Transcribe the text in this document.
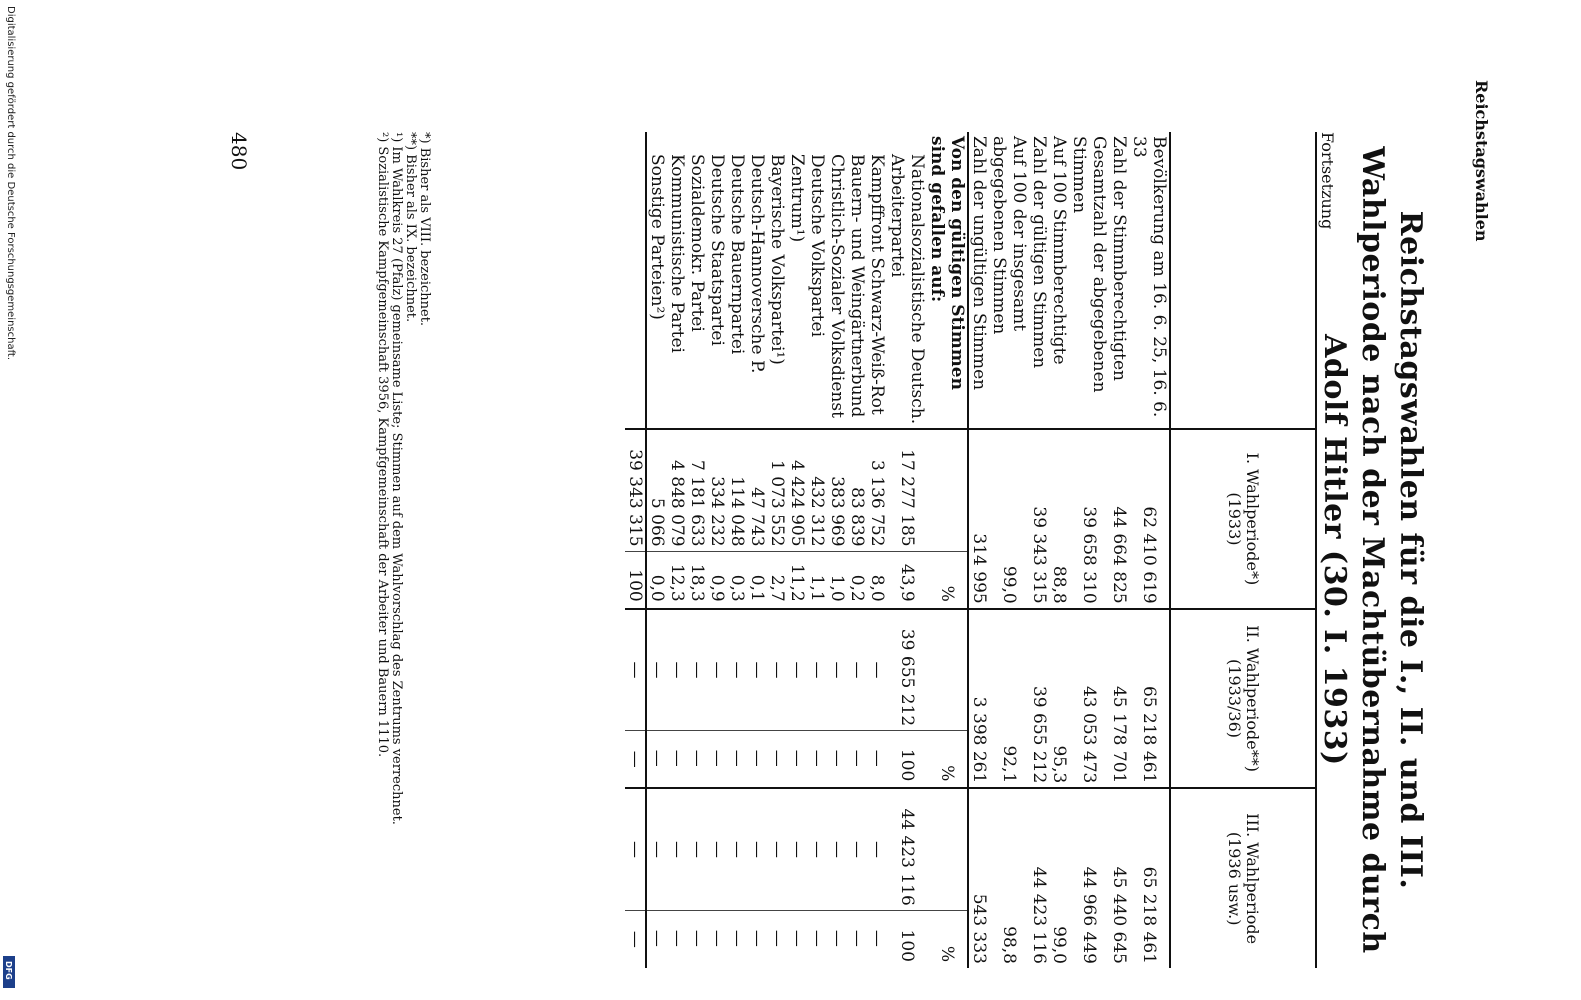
Reichstagswahlen
Reichstagswahlen für die I., II. und III. Wahlperiode nach der Machtübernahme durch Adolf Hitler (30. I. 1933)
Fortsetzung
	I. Wahlperiode*) (1933)		II. Wahlperiode**) (1933/36)		III. Wahlperiode (1936 usw.)	
Bevölkerung am 16. 6. 25, 16. 6. 33	62 410 619		65 218 461		65 218 461	
Zahl der Stimmberechtigten	44 664 825		45 178 701		45 440 645	
Gesamtzahl der abgegebenen Stimmen	39 658 310		43 053 473		44 966 449	
Auf 100 Stimmberechtigte	88,8		95,3		99,0	
Zahl der gültigen Stimmen	39 343 315		39 655 212		44 423 116	
Auf 100 der insgesamt abgegebenen Stimmen	99,0		92,1		98,8	
Zahl der ungültigen Stimmen	314 995		3 398 261		543 333	
Von den gültigen Stimmen sind gefallen auf:		%		%		%
Nationalsozialistische Deutsch. Arbeiterpartei	17 277 185	43,9	39 655 212	100	44 423 116	100
Kampffront Schwarz-Weiß-Rot	3 136 752	8,0	—	—	—	—
Bauern- und Weingärtnerbund	83 839	0,2	—	—	—	—
Christlich-Sozialer Volksdienst	383 969	1,0	—	—	—	—
Deutsche Volkspartei	432 312	1,1	—	—	—	—
Zentrum¹)	4 424 905	11,2	—	—	—	—
Bayerische Volkspartei¹)	1 073 552	2,7	—	—	—	—
Deutsch-Hannoversche P.	47 743	0,1	—	—	—	—
Deutsche Bauernpartei	114 048	0,3	—	—	—	—
Deutsche Staatspartei	334 232	0,9	—	—	—	—
Sozialdemokr. Partei	7 181 633	18,3	—	—	—	—
Kommunistische Partei	4 848 079	12,3	—	—	—	—
Sonstige Parteien²)	5 066	0,0	—	—	—	—
	39 343 315	100	—	—	—	—
*) Bisher als VIII. bezeichnet.
**) Bisher als IX. bezeichnet.
¹) Im Wahlkreis 27 (Pfalz) gemeinsame Liste; Stimmen auf dem Wahlvorschlag des Zentrums verrechnet.
²) Sozialistische Kampfgemeinschaft 3956, Kampfgemeinschaft der Arbeiter und Bauern 1110.
480
Digitalisierung gefördert durch die Deutsche Forschungsgemeinschaft.
DFG
